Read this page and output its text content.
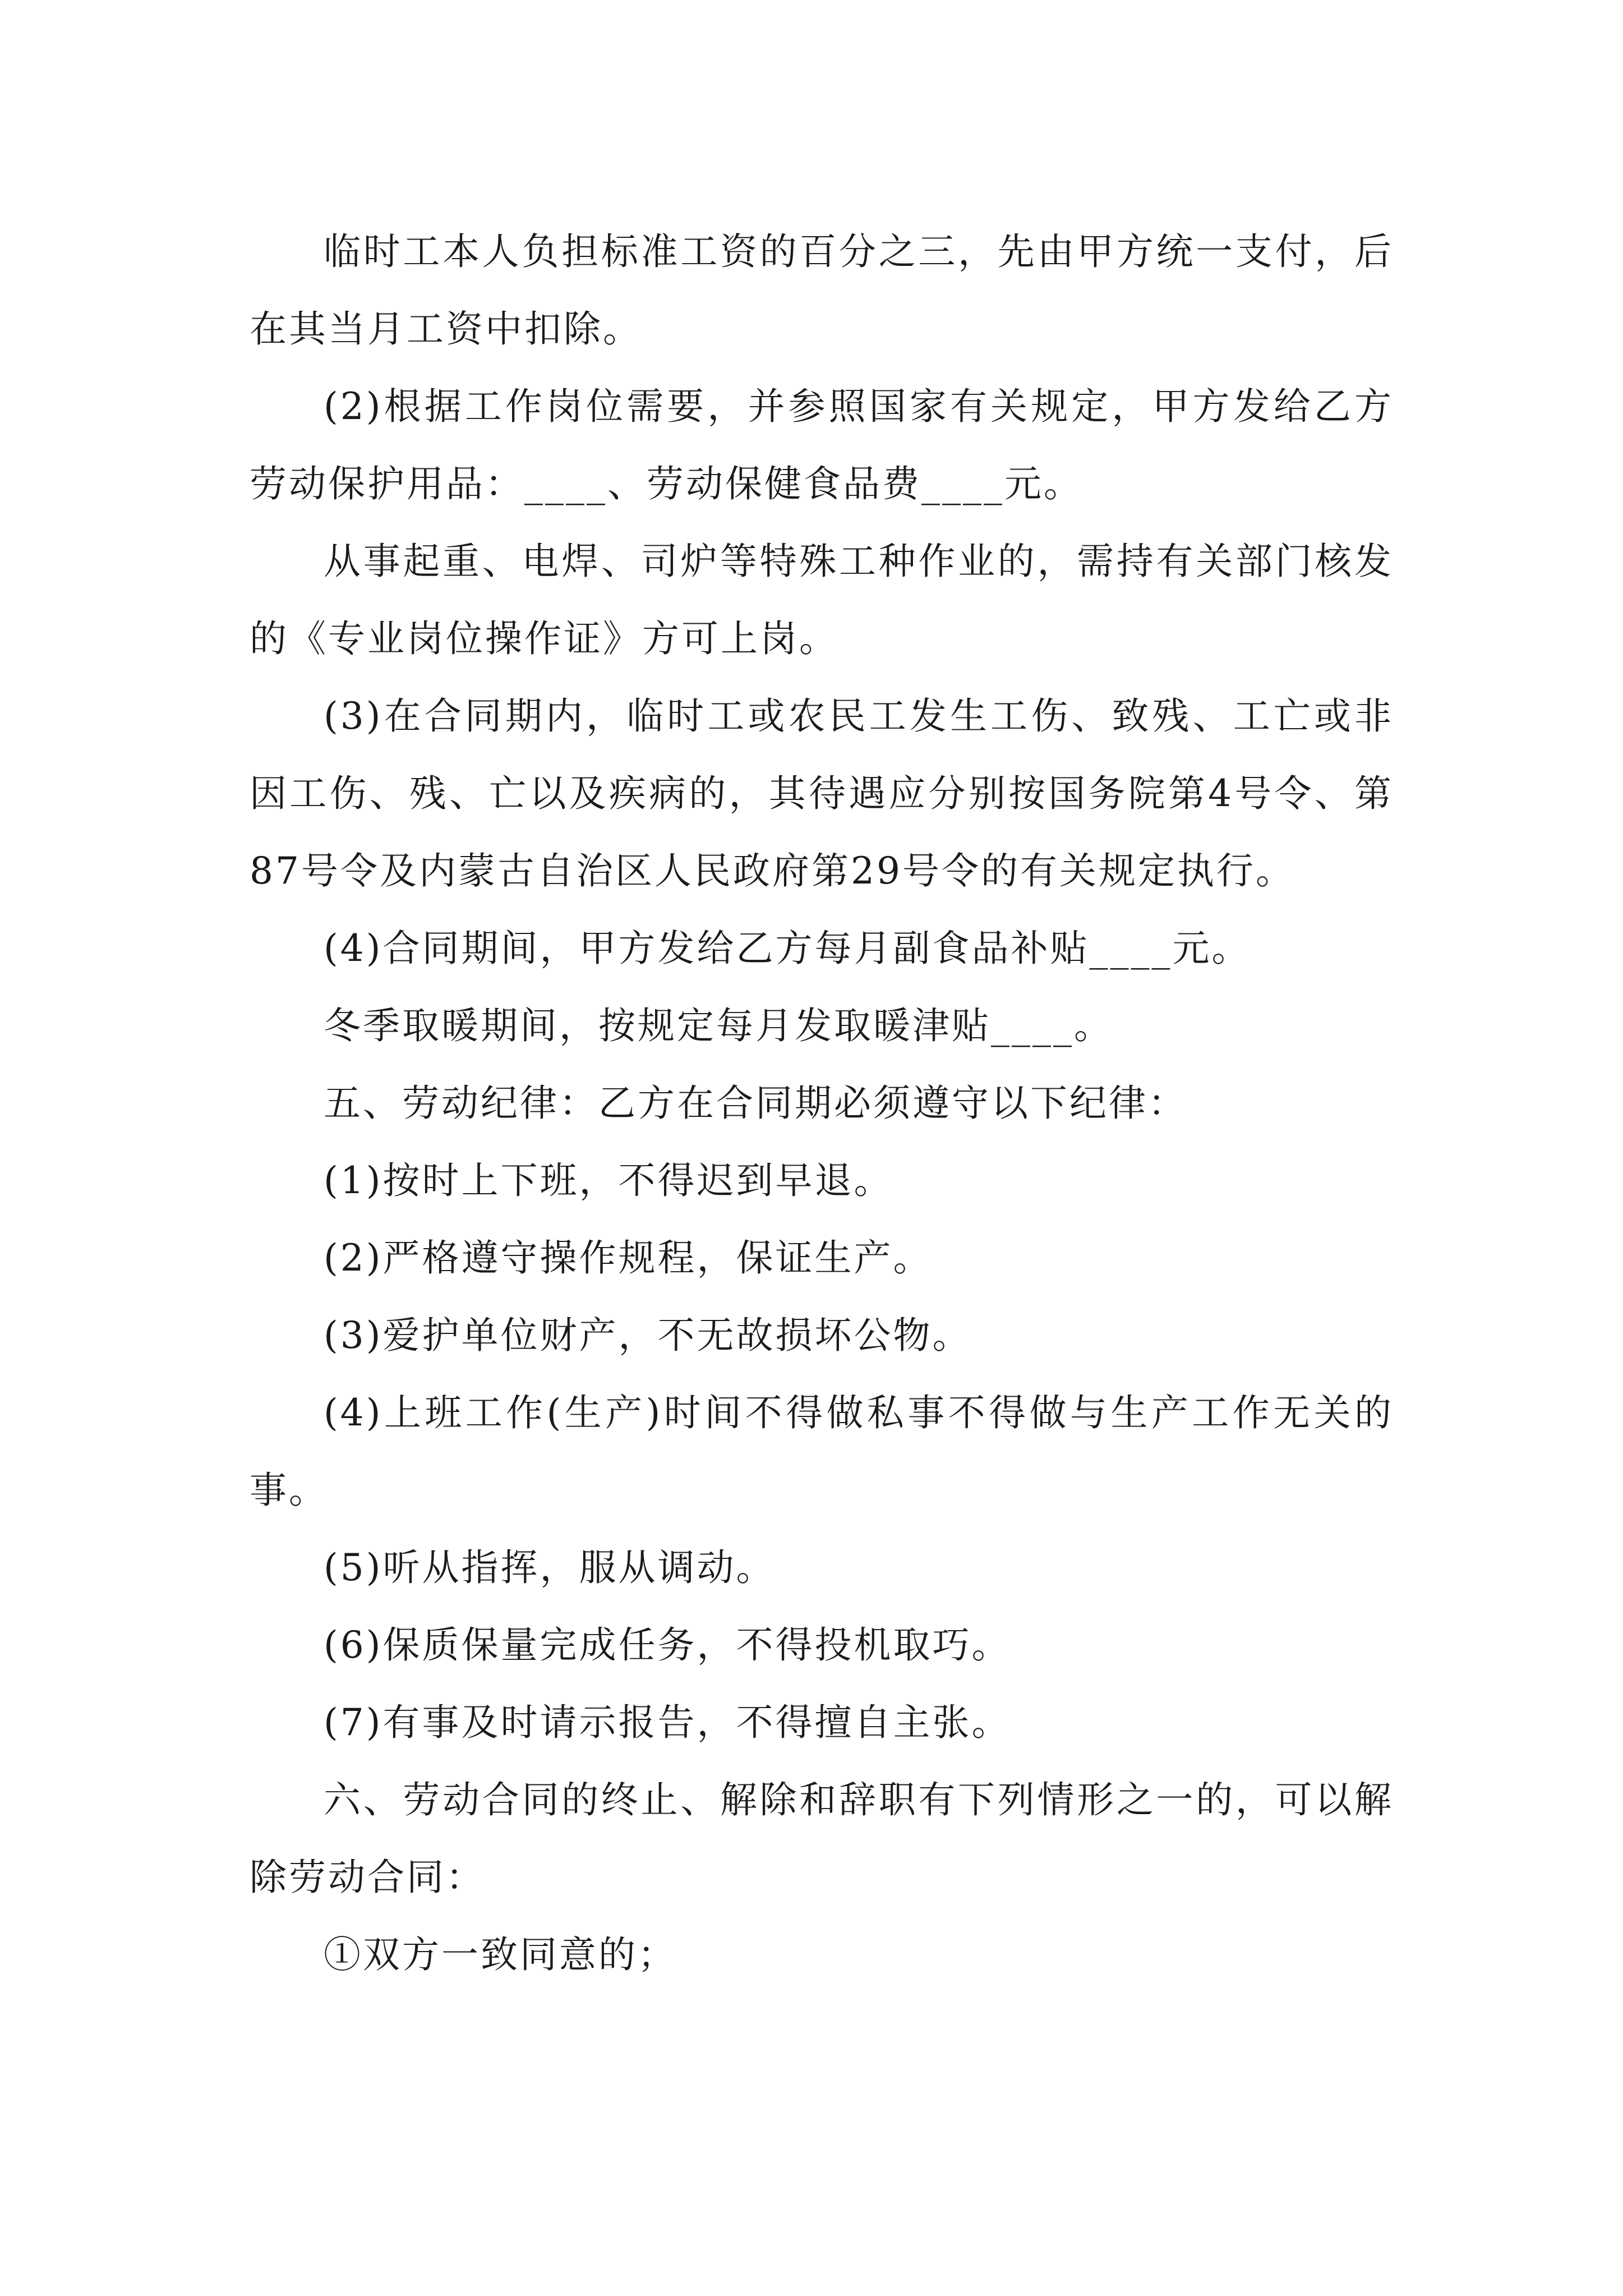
临时工本人负担标准工资的百分之三，先由甲方统一支付，后在其当月工资中扣除。

(2)根据工作岗位需要，并参照国家有关规定，甲方发给乙方劳动保护用品：____、劳动保健食品费____元。

从事起重、电焊、司炉等特殊工种作业的，需持有关部门核发的《专业岗位操作证》方可上岗。

(3)在合同期内，临时工或农民工发生工伤、致残、工亡或非因工伤、残、亡以及疾病的，其待遇应分别按国务院第4号令、第87号令及内蒙古自治区人民政府第29号令的有关规定执行。

(4)合同期间，甲方发给乙方每月副食品补贴____元。

冬季取暖期间，按规定每月发取暖津贴____。

五、劳动纪律：乙方在合同期必须遵守以下纪律：

(1)按时上下班，不得迟到早退。

(2)严格遵守操作规程，保证生产。

(3)爱护单位财产，不无故损坏公物。

(4)上班工作(生产)时间不得做私事不得做与生产工作无关的事。

(5)听从指挥，服从调动。

(6)保质保量完成任务，不得投机取巧。

(7)有事及时请示报告，不得擅自主张。

六、劳动合同的终止、解除和辞职有下列情形之一的，可以解除劳动合同：

①双方一致同意的；
